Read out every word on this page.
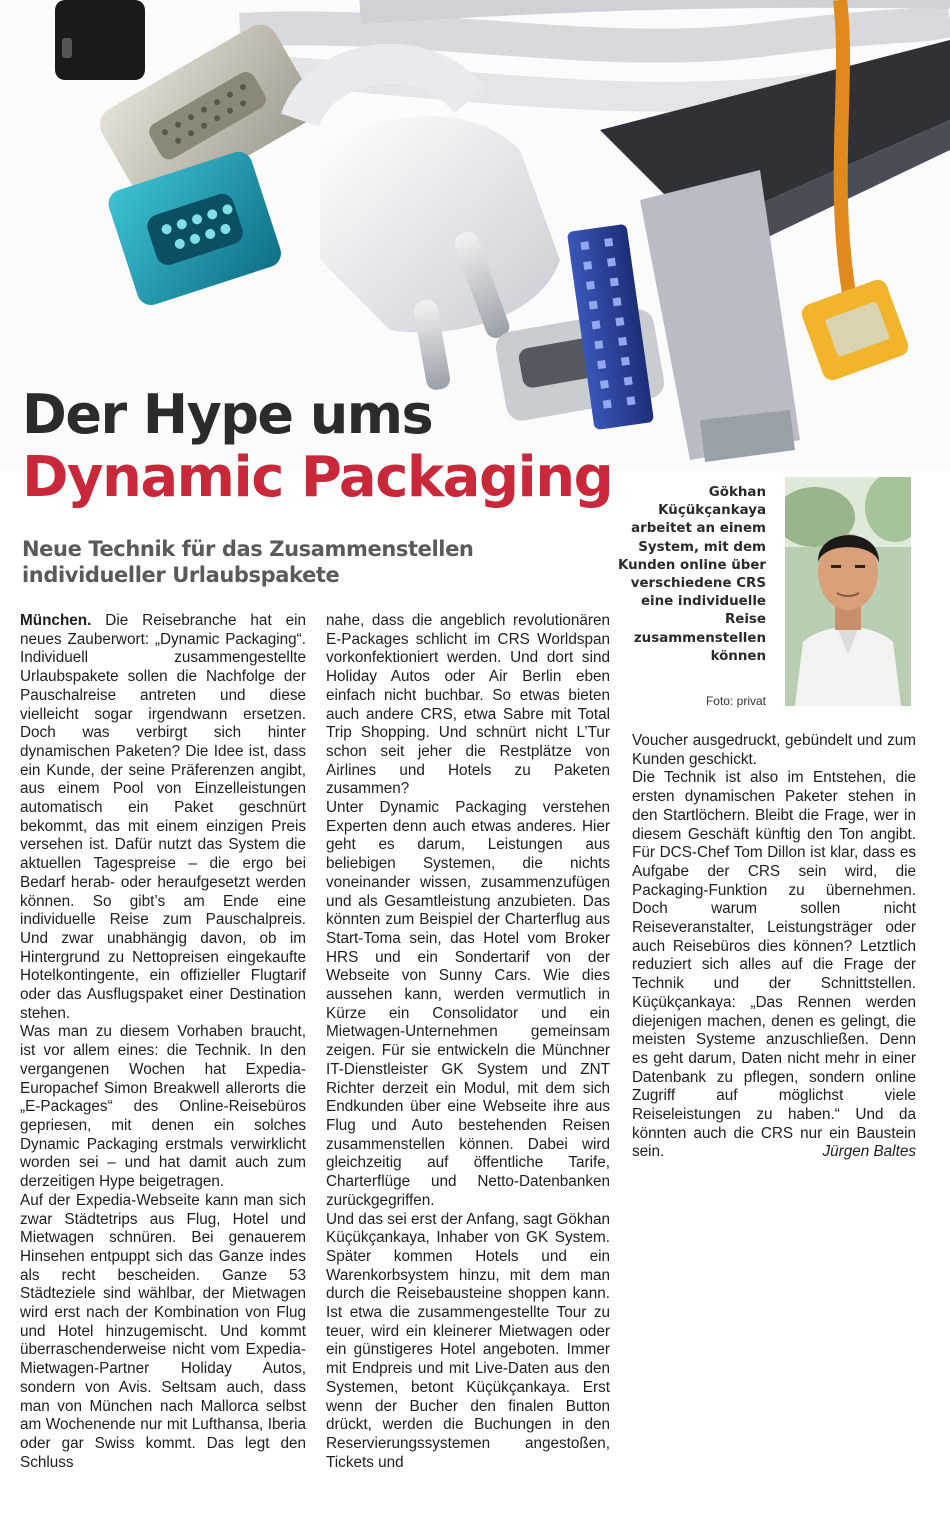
Der Hype ums
Dynamic Packaging
Neue Technik für das Zusammenstellen
individueller Urlaubspakete
Gökhan Küçükçankaya arbeitet an einem System, mit dem Kunden online über verschiedene CRS eine individuelle Reise zusammenstellen können
Foto: privat

München. Die Reisebranche hat ein neues Zauberwort: „Dynamic Packaging“. Individuell zusammengestellte Urlaubspakete sollen die Nachfolge der Pauschalreise antreten und diese vielleicht sogar irgendwann ersetzen. Doch was verbirgt sich hinter dynamischen Paketen? Die Idee ist, dass ein Kunde, der seine Präferenzen angibt, aus einem Pool von Einzelleistungen automatisch ein Paket geschnürt bekommt, das mit einem einzigen Preis versehen ist. Dafür nutzt das System die aktuellen Tagespreise – die ergo bei Bedarf herab- oder heraufgesetzt werden können. So gibt’s am Ende eine individuelle Reise zum Pauschalpreis. Und zwar unabhängig davon, ob im Hintergrund zu Nettopreisen eingekaufte Hotelkontingente, ein offizieller Flugtarif oder das Ausflugspaket einer Destination stehen.

Was man zu diesem Vorhaben braucht, ist vor allem eines: die Technik. In den vergangenen Wochen hat Expedia-Europachef Simon Breakwell allerorts die „E-Packages“ des Online-Reisebüros gepriesen, mit denen ein solches Dynamic Packaging erstmals verwirklicht worden sei – und hat damit auch zum derzeitigen Hype beigetragen.

Auf der Expedia-Webseite kann man sich zwar Städtetrips aus Flug, Hotel und Mietwagen schnüren. Bei genauerem Hinsehen entpuppt sich das Ganze indes als recht bescheiden. Ganze 53 Städteziele sind wählbar, der Mietwagen wird erst nach der Kombination von Flug und Hotel hinzugemischt. Und kommt überraschenderweise nicht vom Expedia-Mietwagen-Partner Holiday Autos, sondern von Avis. Seltsam auch, dass man von München nach Mallorca selbst am Wochenende nur mit Lufthansa, Iberia oder gar Swiss kommt. Das legt den Schluss

nahe, dass die angeblich revolutionären E-Packages schlicht im CRS Worldspan vorkonfektioniert werden. Und dort sind Holiday Autos oder Air Berlin eben einfach nicht buchbar. So etwas bieten auch andere CRS, etwa Sabre mit Total Trip Shopping. Und schnürt nicht L’Tur schon seit jeher die Restplätze von Airlines und Hotels zu Paketen zusammen?

Unter Dynamic Packaging verstehen Experten denn auch etwas anderes. Hier geht es darum, Leistungen aus beliebigen Systemen, die nichts voneinander wissen, zusammenzufügen und als Gesamtleistung anzubieten. Das könnten zum Beispiel der Charterflug aus Start-Toma sein, das Hotel vom Broker HRS und ein Sondertarif von der Webseite von Sunny Cars. Wie dies aussehen kann, werden vermutlich in Kürze ein Consolidator und ein Mietwagen-Unternehmen gemeinsam zeigen. Für sie entwickeln die Münchner IT-Dienstleister GK System und ZNT Richter derzeit ein Modul, mit dem sich Endkunden über eine Webseite ihre aus Flug und Auto bestehenden Reisen zusammenstellen können. Dabei wird gleichzeitig auf öffentliche Tarife, Charterflüge und Netto-Datenbanken zurückgegriffen.

Und das sei erst der Anfang, sagt Gökhan Küçükçankaya, Inhaber von GK System. Später kommen Hotels und ein Warenkorbsystem hinzu, mit dem man durch die Reisebausteine shoppen kann. Ist etwa die zusammengestellte Tour zu teuer, wird ein kleinerer Mietwagen oder ein günstigeres Hotel angeboten. Immer mit Endpreis und mit Live-Daten aus den Systemen, betont Küçükçankaya. Erst wenn der Bucher den finalen Button drückt, werden die Buchungen in den Reservierungssystemen angestoßen, Tickets und

Voucher ausgedruckt, gebündelt und zum Kunden geschickt.

Die Technik ist also im Entstehen, die ersten dynamischen Paketer stehen in den Startlöchern. Bleibt die Frage, wer in diesem Geschäft künftig den Ton angibt. Für DCS-Chef Tom Dillon ist klar, dass es Aufgabe der CRS sein wird, die Packaging-Funktion zu übernehmen. Doch warum sollen nicht Reiseveranstalter, Leistungsträger oder auch Reisebüros dies können? Letztlich reduziert sich alles auf die Frage der Technik und der Schnittstellen. Küçükçankaya: „Das Rennen werden diejenigen machen, denen es gelingt, die meisten Systeme anzuschließen. Denn es geht darum, Daten nicht mehr in einer Datenbank zu pflegen, sondern online Zugriff auf möglichst viele Reiseleistungen zu haben.“ Und da könnten auch die CRS nur ein Baustein sein.	Jürgen Baltes
